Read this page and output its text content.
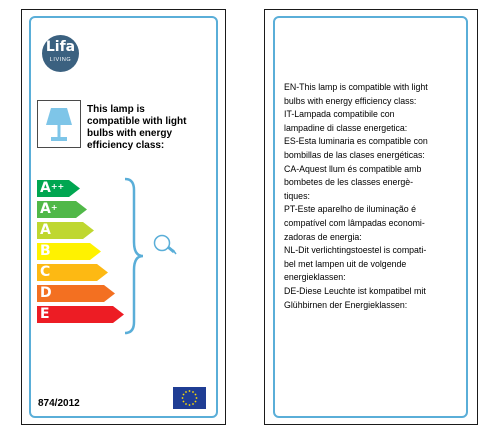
Lifa
LIVING
This lamp is
compatible with light
bulbs with energy
efficiency class:
A++
A+
A
B
C
D
E
874/2012
EN-This lamp is compatible with light
bulbs with energy efficiency class:
IT-Lampada compatibile con
lampadine di classe energetica:
ES-Esta luminaria es compatible con
bombillas de las clases energéticas:
CA-Aquest llum és compatible amb
bombetes de les classes energè-
tiques:
PT-Este aparelho de iluminação é
compatível com lâmpadas economi-
zadoras de energia:
NL-Dit verlichtingstoestel is compati-
bel met lampen uit de volgende
energieklassen:
DE-Diese Leuchte ist kompatibel mit
Glühbirnen der Energieklassen:
